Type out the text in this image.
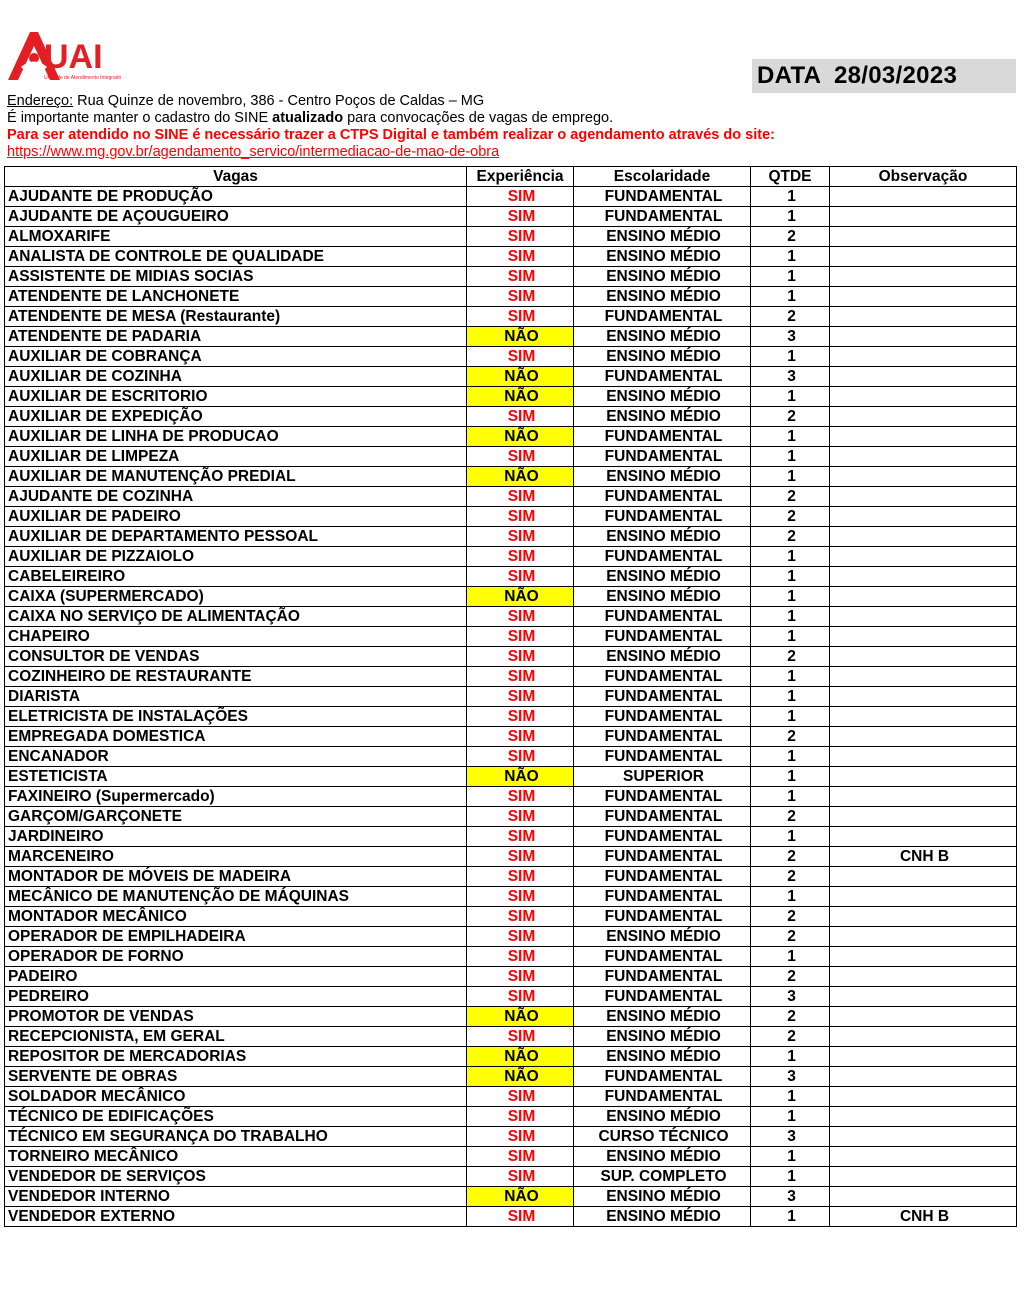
UAI
Unidade de Atendimento Integrado	DATA 28/03/2023
Endereço: Rua Quinze de novembro, 386 - Centro Poços de Caldas – MG
É importante manter o cadastro do SINE atualizado para convocações de vagas de emprego.
Para ser atendido no SINE é necessário trazer a CTPS Digital e também realizar o agendamento através do site:
https://www.mg.gov.br/agendamento_servico/intermediacao-de-mao-de-obra
Vagas	Experiência	Escolaridade	QTDE	Observação
AJUDANTE DE PRODUÇÃO	SIM	FUNDAMENTAL	1	
AJUDANTE DE AÇOUGUEIRO	SIM	FUNDAMENTAL	1	
ALMOXARIFE	SIM	ENSINO MÉDIO	2	
ANALISTA DE CONTROLE DE QUALIDADE	SIM	ENSINO MÉDIO	1	
ASSISTENTE DE MIDIAS SOCIAS	SIM	ENSINO MÉDIO	1	
ATENDENTE DE LANCHONETE	SIM	ENSINO MÉDIO	1	
ATENDENTE DE MESA (Restaurante)	SIM	FUNDAMENTAL	2	
ATENDENTE DE PADARIA	NÃO	ENSINO MÉDIO	3	
AUXILIAR DE COBRANÇA	SIM	ENSINO MÉDIO	1	
AUXILIAR DE COZINHA	NÃO	FUNDAMENTAL	3	
AUXILIAR DE ESCRITORIO	NÃO	ENSINO MÉDIO	1	
AUXILIAR DE EXPEDIÇÃO	SIM	ENSINO MÉDIO	2	
AUXILIAR DE LINHA DE PRODUCAO	NÃO	FUNDAMENTAL	1	
AUXILIAR DE LIMPEZA	SIM	FUNDAMENTAL	1	
AUXILIAR DE MANUTENÇÃO PREDIAL	NÃO	ENSINO MÉDIO	1	
AJUDANTE DE COZINHA	SIM	FUNDAMENTAL	2	
AUXILIAR DE PADEIRO	SIM	FUNDAMENTAL	2	
AUXILIAR DE DEPARTAMENTO PESSOAL	SIM	ENSINO MÉDIO	2	
AUXILIAR DE PIZZAIOLO	SIM	FUNDAMENTAL	1	
CABELEIREIRO	SIM	ENSINO MÉDIO	1	
CAIXA (SUPERMERCADO)	NÃO	ENSINO MÉDIO	1	
CAIXA NO SERVIÇO DE ALIMENTAÇÃO	SIM	FUNDAMENTAL	1	
CHAPEIRO	SIM	FUNDAMENTAL	1	
CONSULTOR DE VENDAS	SIM	ENSINO MÉDIO	2	
COZINHEIRO DE RESTAURANTE	SIM	FUNDAMENTAL	1	
DIARISTA	SIM	FUNDAMENTAL	1	
ELETRICISTA DE INSTALAÇÕES	SIM	FUNDAMENTAL	1	
EMPREGADA DOMESTICA	SIM	FUNDAMENTAL	2	
ENCANADOR	SIM	FUNDAMENTAL	1	
ESTETICISTA	NÃO	SUPERIOR	1	
FAXINEIRO (Supermercado)	SIM	FUNDAMENTAL	1	
GARÇOM/GARÇONETE	SIM	FUNDAMENTAL	2	
JARDINEIRO	SIM	FUNDAMENTAL	1	
MARCENEIRO	SIM	FUNDAMENTAL	2	CNH B
MONTADOR DE MÓVEIS DE MADEIRA	SIM	FUNDAMENTAL	2	
MECÂNICO DE MANUTENÇÃO DE MÁQUINAS	SIM	FUNDAMENTAL	1	
MONTADOR MECÂNICO	SIM	FUNDAMENTAL	2	
OPERADOR DE EMPILHADEIRA	SIM	ENSINO MÉDIO	2	
OPERADOR DE FORNO	SIM	FUNDAMENTAL	1	
PADEIRO	SIM	FUNDAMENTAL	2	
PEDREIRO	SIM	FUNDAMENTAL	3	
PROMOTOR DE VENDAS	NÃO	ENSINO MÉDIO	2	
RECEPCIONISTA, EM GERAL	SIM	ENSINO MÉDIO	2	
REPOSITOR DE MERCADORIAS	NÃO	ENSINO MÉDIO	1	
SERVENTE DE OBRAS	NÃO	FUNDAMENTAL	3	
SOLDADOR MECÂNICO	SIM	FUNDAMENTAL	1	
TÉCNICO DE EDIFICAÇÕES	SIM	ENSINO MÉDIO	1	
TÉCNICO EM SEGURANÇA DO TRABALHO	SIM	CURSO TÉCNICO	3	
TORNEIRO MECÂNICO	SIM	ENSINO MÉDIO	1	
VENDEDOR DE SERVIÇOS	SIM	SUP. COMPLETO	1	
VENDEDOR INTERNO	NÃO	ENSINO MÉDIO	3	
VENDEDOR EXTERNO	SIM	ENSINO MÉDIO	1	CNH B
